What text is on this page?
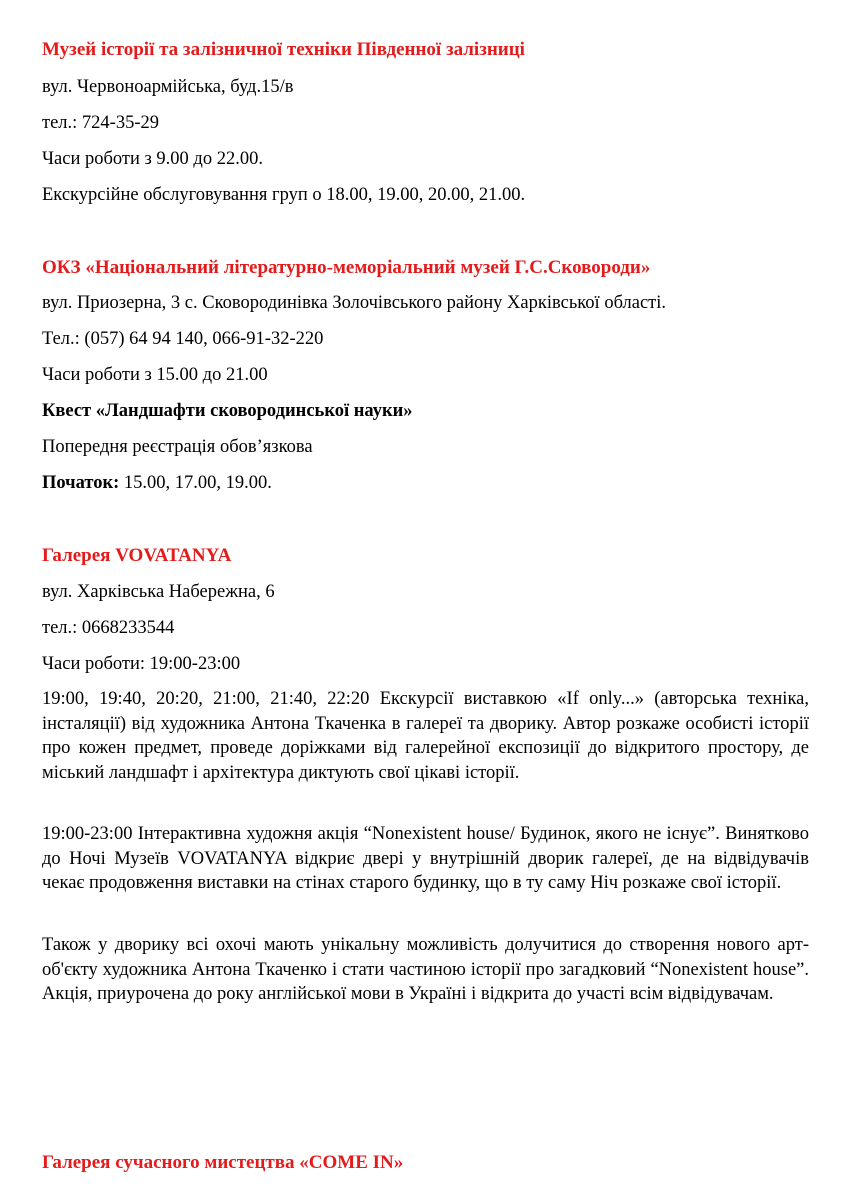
Музей історії та залізничної техніки Південної залізниці
вул. Червоноармійська, буд.15/в
тел.: 724-35-29
Часи роботи з 9.00 до 22.00.
Екскурсійне обслуговування груп о 18.00, 19.00, 20.00, 21.00.
ОКЗ «Національний літературно-меморіальний музей Г.С.Сковороди»
вул. Приозерна, 3 с. Сковородинівка Золочівського району Харківської області.
Тел.: (057) 64 94 140, 066-91-32-220
Часи роботи з 15.00 до 21.00
Квест «Ландшафти сковородинської науки»
Попередня реєстрація обов’язкова
Початок: 15.00, 17.00, 19.00.
Галерея VOVATANYA
вул. Харківська Набережна, 6
тел.: 0668233544
Часи роботи: 19:00-23:00
19:00, 19:40, 20:20, 21:00, 21:40, 22:20 Екскурсії виставкою «If only...» (авторська техніка, інсталяції) від художника Антона Ткаченка в галереї та дворику. Автор розкаже особисті історії про кожен предмет, проведе доріжками від галерейної експозиції до відкритого простору, де міський ландшафт і архітектура диктують свої цікаві історії.
19:00-23:00 Інтерактивна художня акція “Nonexistent house/ Будинок, якого не існує”. Винятково до Ночі Музеїв VOVATANYA відкриє двері у внутрішній дворик галереї, де на відвідувачів чекає продовження виставки на стінах старого будинку, що в ту саму Ніч розкаже свої історії.
Також у дворику всі охочі мають унікальну можливість долучитися до створення нового арт-об'єкту художника Антона Ткаченко і стати частиною історії про загадковий “Nonexistent house”. Акція, приурочена до року англійської мови в Україні і відкрита до участі всім відвідувачам.
Галерея сучасного мистецтва «COME IN»
